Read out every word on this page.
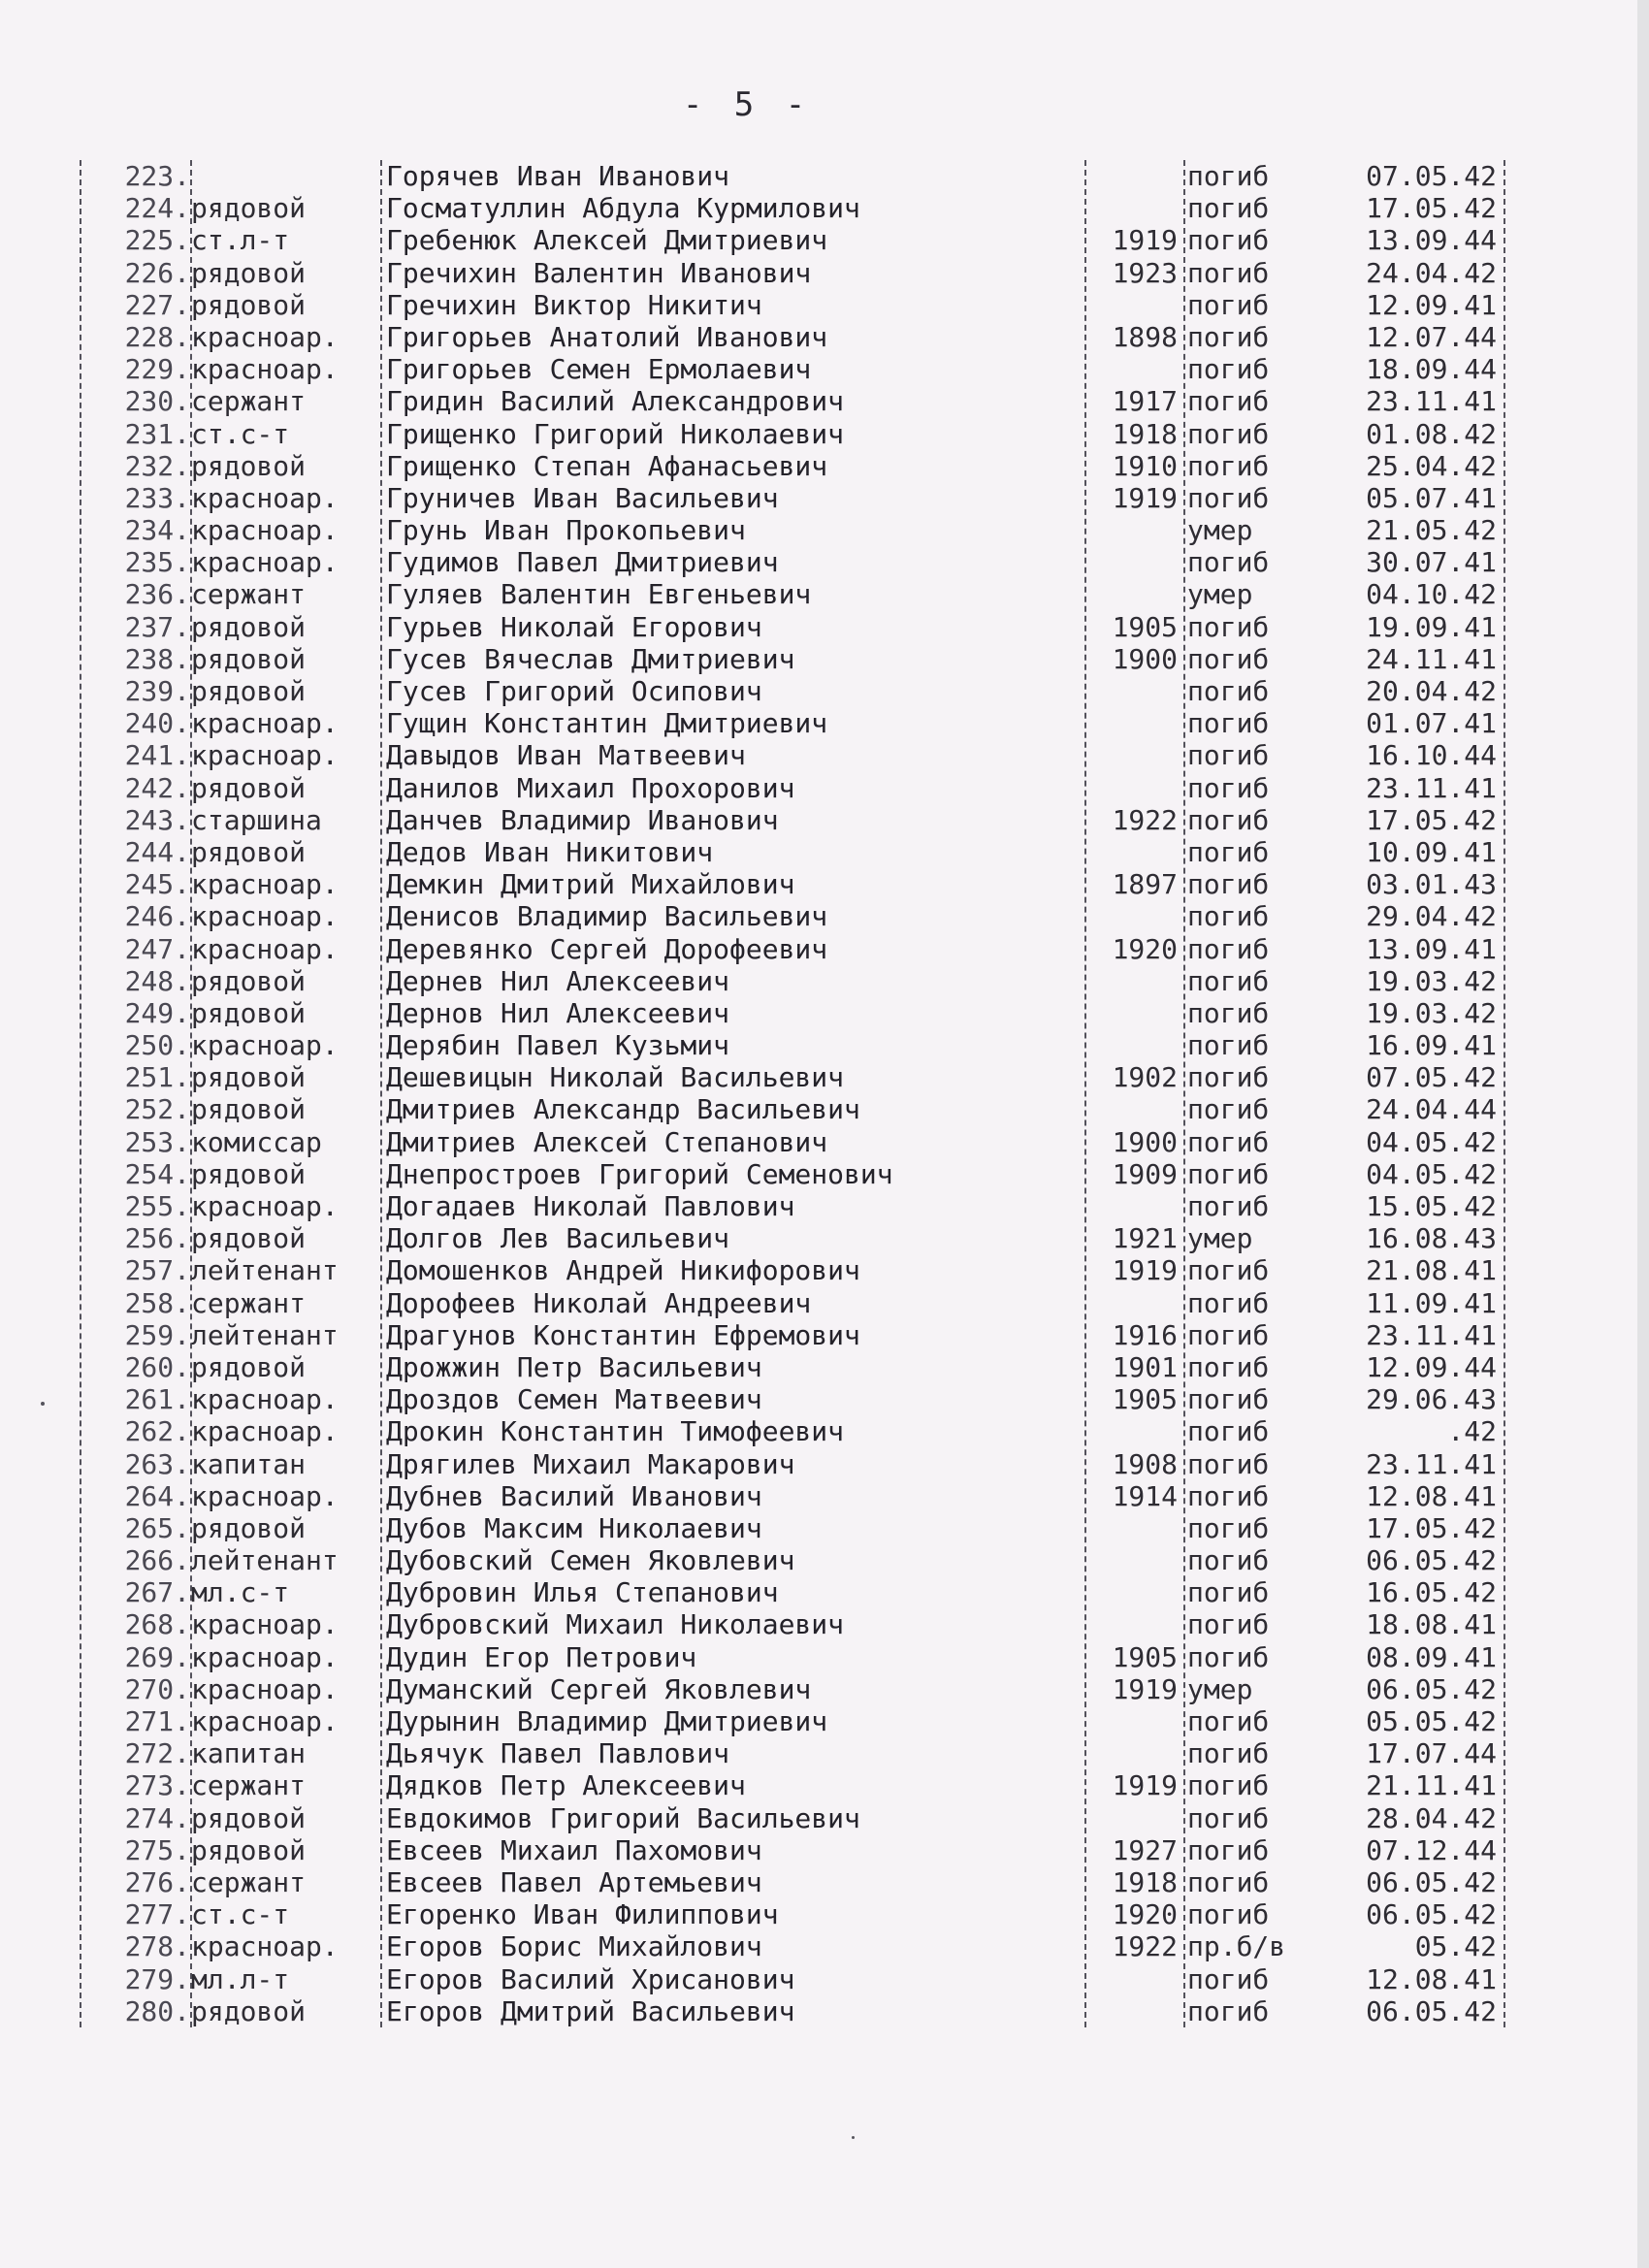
- 5 -
223.	Горячев Иван Иванович	погиб	07.05.42
224. рядовой	Госматуллин Абдула Курмилович	погиб	17.05.42
225. ст.л-т	Гребенюк Алексей Дмитриевич	1919 погиб	13.09.44
226. рядовой	Гречихин Валентин Иванович	1923 погиб	24.04.42
227. рядовой	Гречихин Виктор Никитич	погиб	12.09.41
228. красноар.	Григорьев Анатолий Иванович	1898 погиб	12.07.44
229. красноар.	Григорьев Семен Ермолаевич	погиб	18.09.44
230. сержант	Гридин Василий Александрович	1917 погиб	23.11.41
231. ст.с-т	Грищенко Григорий Николаевич	1918 погиб	01.08.42
232. рядовой	Грищенко Степан Афанасьевич	1910 погиб	25.04.42
233. красноар.	Груничев Иван Васильевич	1919 погиб	05.07.41
234. красноар.	Грунь Иван Прокопьевич	умер	21.05.42
235. красноар.	Гудимов Павел Дмитриевич	погиб	30.07.41
236. сержант	Гуляев Валентин Евгеньевич	умер	04.10.42
237. рядовой	Гурьев Николай Егорович	1905 погиб	19.09.41
238. рядовой	Гусев Вячеслав Дмитриевич	1900 погиб	24.11.41
239. рядовой	Гусев Григорий Осипович	погиб	20.04.42
240. красноар.	Гущин Константин Дмитриевич	погиб	01.07.41
241. красноар.	Давыдов Иван Матвеевич	погиб	16.10.44
242. рядовой	Данилов Михаил Прохорович	погиб	23.11.41
243. старшина	Данчев Владимир Иванович	1922 погиб	17.05.42
244. рядовой	Дедов Иван Никитович	погиб	10.09.41
245. красноар.	Демкин Дмитрий Михайлович	1897 погиб	03.01.43
246. красноар.	Денисов Владимир Васильевич	погиб	29.04.42
247. красноар.	Деревянко Сергей Дорофеевич	1920 погиб	13.09.41
248. рядовой	Дернев Нил Алексеевич	погиб	19.03.42
249. рядовой	Дернов Нил Алексеевич	погиб	19.03.42
250. красноар.	Дерябин Павел Кузьмич	погиб	16.09.41
251. рядовой	Дешевицын Николай Васильевич	1902 погиб	07.05.42
252. рядовой	Дмитриев Александр Васильевич	погиб	24.04.44
253. комиссар	Дмитриев Алексей Степанович	1900 погиб	04.05.42
254. рядовой	Днепростроев Григорий Семенович	1909 погиб	04.05.42
255. красноар.	Догадаев Николай Павлович	погиб	15.05.42
256. рядовой	Долгов Лев Васильевич	1921 умер	16.08.43
257. лейтенант	Домошенков Андрей Никифорович	1919 погиб	21.08.41
258. сержант	Дорофеев Николай Андреевич	погиб	11.09.41
259. лейтенант	Драгунов Константин Ефремович	1916 погиб	23.11.41
260. рядовой	Дрожжин Петр Васильевич	1901 погиб	12.09.44
261. красноар.	Дроздов Семен Матвеевич	1905 погиб	29.06.43
262. красноар.	Дрокин Константин Тимофеевич	погиб	.42
263. капитан	Дрягилев Михаил Макарович	1908 погиб	23.11.41
264. красноар.	Дубнев Василий Иванович	1914 погиб	12.08.41
265. рядовой	Дубов Максим Николаевич	погиб	17.05.42
266. лейтенант	Дубовский Семен Яковлевич	погиб	06.05.42
267. мл.с-т	Дубровин Илья Степанович	погиб	16.05.42
268. красноар.	Дубровский Михаил Николаевич	погиб	18.08.41
269. красноар.	Дудин Егор Петрович	1905 погиб	08.09.41
270. красноар.	Думанский Сергей Яковлевич	1919 умер	06.05.42
271. красноар.	Дурынин Владимир Дмитриевич	погиб	05.05.42
272. капитан	Дьячук Павел Павлович	погиб	17.07.44
273. сержант	Дядков Петр Алексеевич	1919 погиб	21.11.41
274. рядовой	Евдокимов Григорий Васильевич	погиб	28.04.42
275. рядовой	Евсеев Михаил Пахомович	1927 погиб	07.12.44
276. сержант	Евсеев Павел Артемьевич	1918 погиб	06.05.42
277. ст.с-т	Егоренко Иван Филиппович	1920 погиб	06.05.42
278. красноар.	Егоров Борис Михайлович	1922 пр.б/в	05.42
279. мл.л-т	Егоров Василий Хрисанович	погиб	12.08.41
280. рядовой	Егоров Дмитрий Васильевич	погиб	06.05.42
